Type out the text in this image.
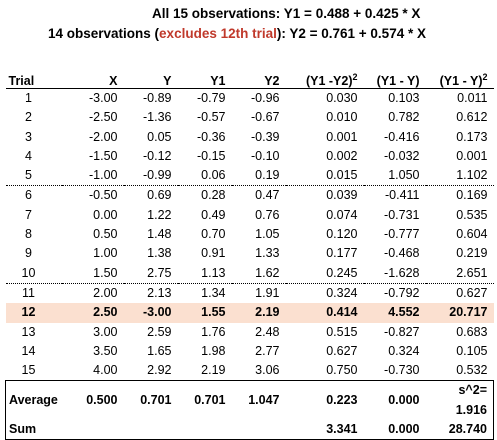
All 15 observations: Y1 = 0.488 + 0.425 * X
14 observations (excludes 12th trial): Y2 = 0.761 + 0.574 * X
Trial	X	Y	Y1	Y2	(Y1 -Y2)$^2$	(Y1 - Y)	(Y1 - Y)$^2$
1	-3.00	-0.89	-0.79	-0.96	0.030	0.103	0.011
2	-2.50	-1.36	-0.57	-0.67	0.010	0.782	0.612
3	-2.00	0.05	-0.36	-0.39	0.001	-0.416	0.173
4	-1.50	-0.12	-0.15	-0.10	0.002	-0.032	0.001
5	-1.00	-0.99	0.06	0.19	0.015	1.050	1.102
6	-0.50	0.69	0.28	0.47	0.039	-0.411	0.169
7	0.00	1.22	0.49	0.76	0.074	-0.731	0.535
8	0.50	1.48	0.70	1.05	0.120	-0.777	0.604
9	1.00	1.38	0.91	1.33	0.177	-0.468	0.219
10	1.50	2.75	1.13	1.62	0.245	-1.628	2.651
11	2.00	2.13	1.34	1.91	0.324	-0.792	0.627
12	2.50	-3.00	1.55	2.19	0.414	4.552	20.717
13	3.00	2.59	1.76	2.48	0.515	-0.827	0.683
14	3.50	1.65	1.98	2.77	0.627	0.324	0.105
15	4.00	2.92	2.19	3.06	0.750	-0.730	0.532
Average	0.500	0.701	0.701	1.047	0.223	0.000	s^2= 1.916
Sum					3.341	0.000	28.740
